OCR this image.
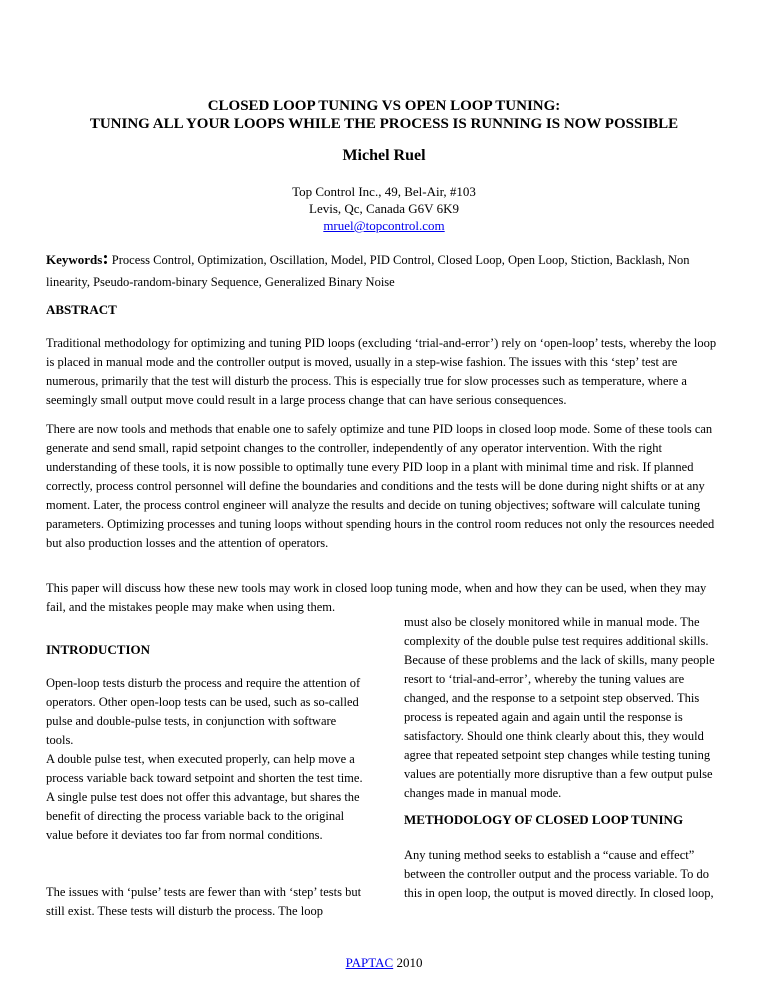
CLOSED LOOP TUNING VS OPEN LOOP TUNING:
TUNING ALL YOUR LOOPS WHILE THE PROCESS IS RUNNING IS NOW POSSIBLE
Michel Ruel
Top Control Inc., 49, Bel-Air, #103
Levis, Qc, Canada G6V 6K9
mruel@topcontrol.com
Keywords: Process Control, Optimization, Oscillation, Model, PID Control, Closed Loop, Open Loop, Stiction, Backlash, Non linearity, Pseudo-random-binary Sequence, Generalized Binary Noise
ABSTRACT
Traditional methodology for optimizing and tuning PID loops (excluding ‘trial-and-error’) rely on ‘open-loop’ tests, whereby the loop is placed in manual mode and the controller output is moved, usually in a step-wise fashion. The issues with this ‘step’ test are numerous, primarily that the test will disturb the process. This is especially true for slow processes such as temperature, where a seemingly small output move could result in a large process change that can have serious consequences.
There are now tools and methods that enable one to safely optimize and tune PID loops in closed loop mode. Some of these tools can generate and send small, rapid setpoint changes to the controller, independently of any operator intervention. With the right understanding of these tools, it is now possible to optimally tune every PID loop in a plant with minimal time and risk. If planned correctly, process control personnel will define the boundaries and conditions and the tests will be done during night shifts or at any moment. Later, the process control engineer will analyze the results and decide on tuning objectives; software will calculate tuning parameters. Optimizing processes and tuning loops without spending hours in the control room reduces not only the resources needed but also production losses and the attention of operators.
This paper will discuss how these new tools may work in closed loop tuning mode, when and how they can be used, when they may fail, and the mistakes people may make when using them.
INTRODUCTION
Open-loop tests disturb the process and require the attention of operators. Other open-loop tests can be used, such as so-called pulse and double-pulse tests, in conjunction with software tools.
A double pulse test, when executed properly, can help move a process variable back toward setpoint and shorten the test time. A single pulse test does not offer this advantage, but shares the benefit of directing the process variable back to the original value before it deviates too far from normal conditions.
The issues with ‘pulse’ tests are fewer than with ‘step’ tests but still exist. These tests will disturb the process. The loop
must also be closely monitored while in manual mode. The complexity of the double pulse test requires additional skills. Because of these problems and the lack of skills, many people resort to ‘trial-and-error’, whereby the tuning values are changed, and the response to a setpoint step observed. This process is repeated again and again until the response is satisfactory. Should one think clearly about this, they would agree that repeated setpoint step changes while testing tuning values are potentially more disruptive than a few output pulse changes made in manual mode.
METHODOLOGY OF CLOSED LOOP TUNING
Any tuning method seeks to establish a “cause and effect” between the controller output and the process variable. To do this in open loop, the output is moved directly. In closed loop,
PAPTAC 2010
